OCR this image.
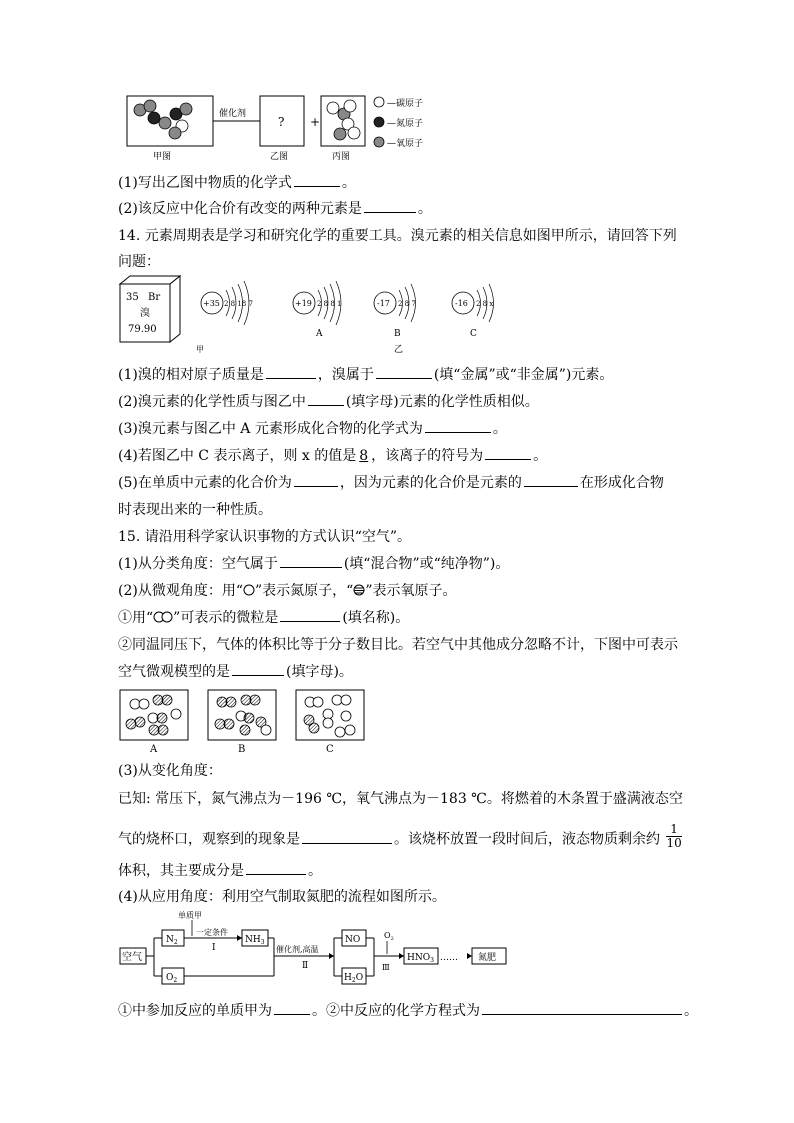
催化剂
? +
—碳原子
—氮原子
—氧原子
甲图	乙图	丙图
(1)写出乙图中物质的化学式	。
(2)该反应中化合价有改变的两种元素是	。
14. 元素周期表是学习和研究化学的重要工具。溴元素的相关信息如图甲所示，请回答下列
问题：
35 Br
溴
79.90
+35 2 8 18 7	+19 2 8 8 1
A
-17 2 8 7
B
-16 2 8 x
C
甲	乙
(1)溴的相对原子质量是	，溴属于	(填“金属”或“非金属”)元素。
(2)溴元素的化学性质与图乙中	(填字母)元素的化学性质相似。
(3)溴元素与图乙中 A 元素形成化合物的化学式为	。
(4)若图乙中 C 表示离子，则 x 的值是 8 ，该离子的符号为	。
(5)在单质中元素的化合价为	，因为元素的化合价是元素的	在形成化合物
时表现出来的一种性质。
15. 请沿用科学家认识事物的方式认识“空气”。
(1)从分类角度：空气属于	(填“混合物”或“纯净物”)。
(2)从微观角度：用“ ”表示氮原子，“ ”表示氧原子。
①用“ ”可表示的微粒是	(填名称)。
②同温同压下，气体的体积比等于分子数目比。若空气中其他成分忽略不计，下图中可表示
空气微观模型的是	(填字母)。
A	B	C
(3)从变化角度：
已知: 常压下，氮气沸点为－196 ℃，氧气沸点为－183 ℃。将燃着的木条置于盛满液态空
气的烧杯口，观察到的现象是	。该烧杯放置一段时间后，液态物质剩余约 $\frac{1}{10}$
体积，其主要成分是	。
(4)从应用角度：利用空气制取氮肥的流程如图所示。
空气
$N_2$
$O_2$
单质甲
一定条件
Ⅰ
$NH_3$
催化剂,高温
Ⅱ
NO
$H_2O$
$O_2$
Ⅲ
$HNO_3$ …… 氮肥
①中参加反应的单质甲为	。②中反应的化学方程式为	。
